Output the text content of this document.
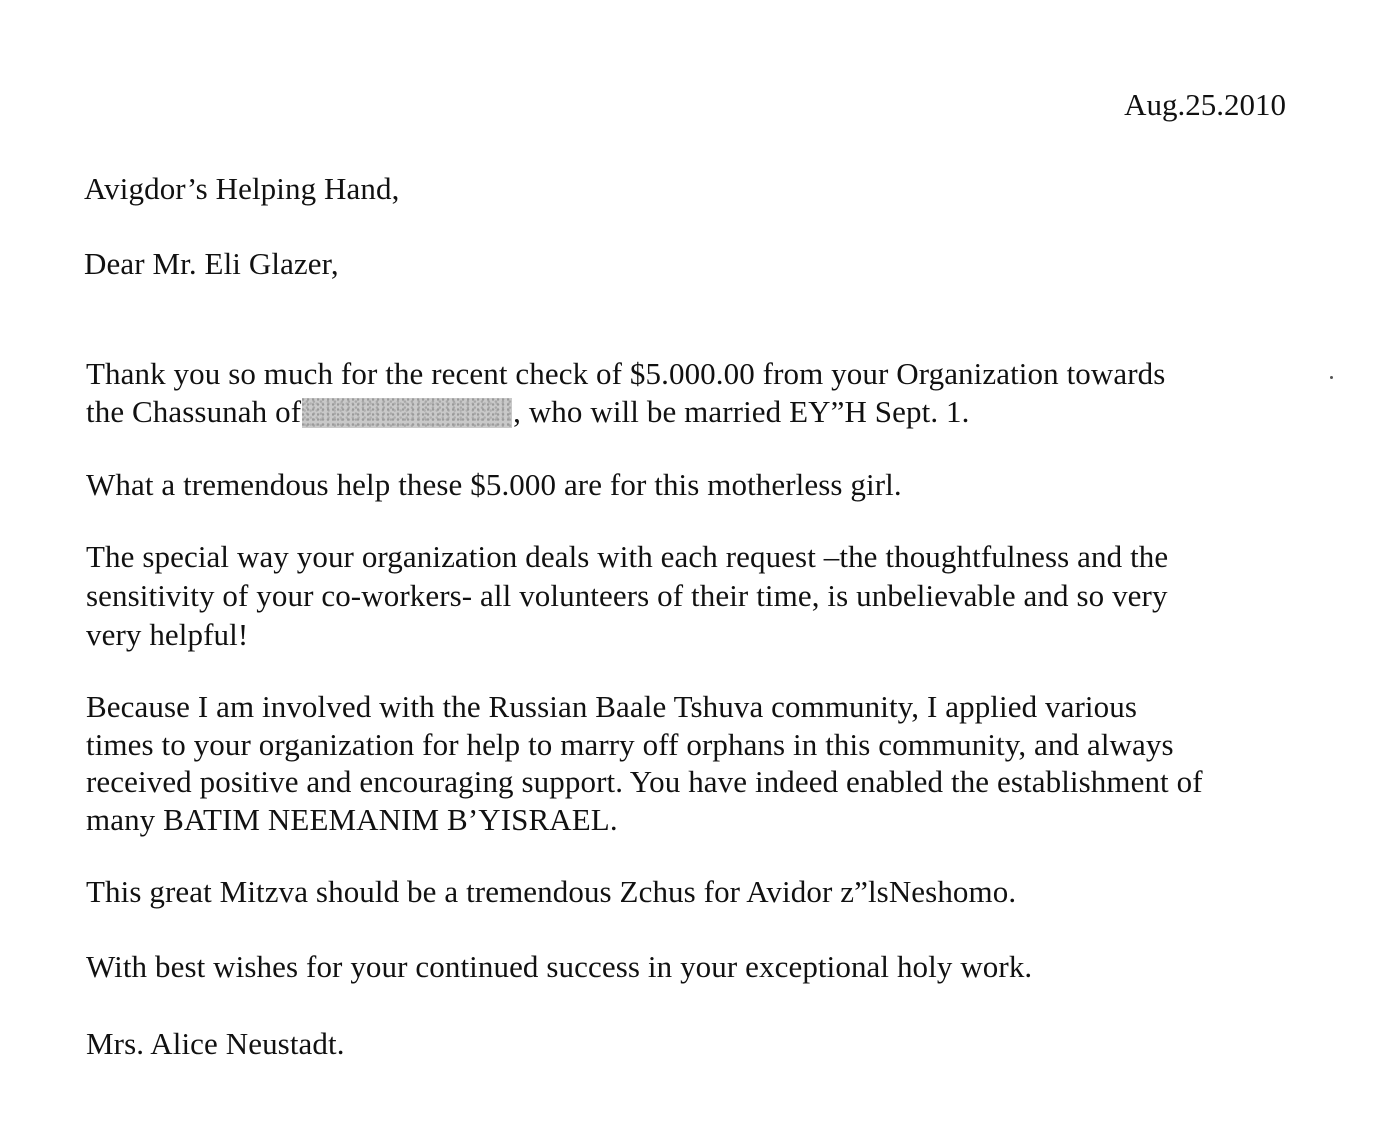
Aug.25.2010
Avigdor’s Helping Hand,
Dear Mr. Eli Glazer,
Thank you so much for the recent check of $5.000.00 from your Organization towards
the Chassunah of	, who will be married EY”H Sept. 1.
What a tremendous help these $5.000 are for this motherless girl.
The special way your organization deals with each request –the thoughtfulness and the
sensitivity of your co-workers- all volunteers of their time, is unbelievable and so very
very helpful!
Because I am involved with the Russian Baale Tshuva community, I applied various
times to your organization for help to marry off orphans in this community, and always
received positive and encouraging support. You have indeed enabled the establishment of
many BATIM NEEMANIM B’YISRAEL.
This great Mitzva should be a tremendous Zchus for Avidor z”lsNeshomo.
With best wishes for your continued success in your exceptional holy work.
Mrs. Alice Neustadt.
